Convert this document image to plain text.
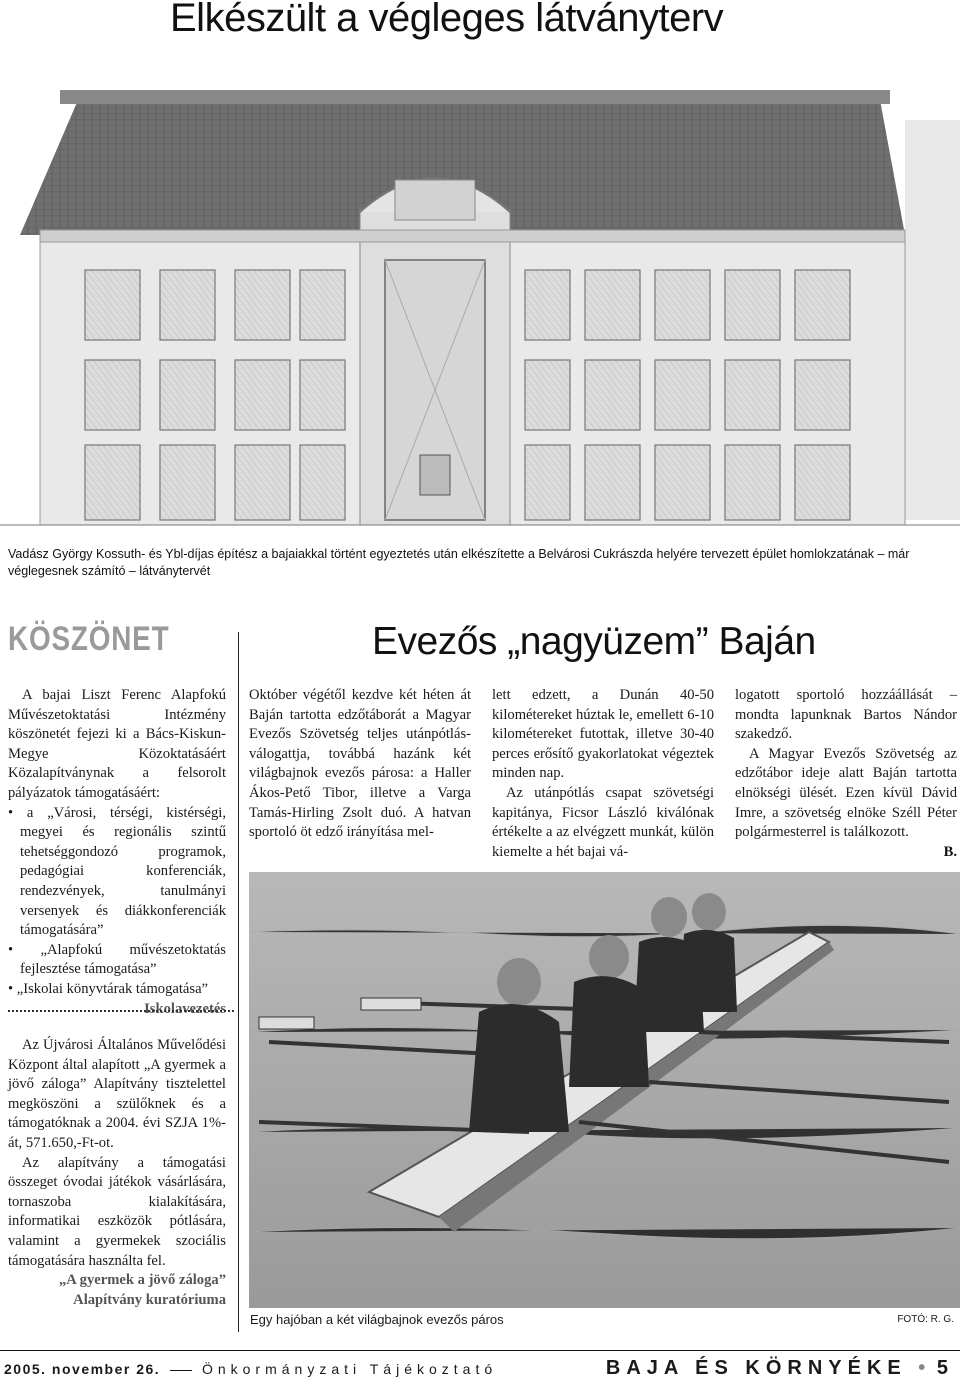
Elkészült a végleges látványterv
Vadász György Kossuth- és Ybl-díjas építész a bajaiakkal történt egyeztetés után elkészítette a Belvárosi Cukrászda helyére tervezett épület homlokzatának – már véglegesnek számító – látványtervét
KÖSZÖNET

A bajai Liszt Ferenc Alapfokú Művészetoktatási Intézmény köszönetét fejezi ki a Bács-Kiskun-Megye Közoktatásáért Közalapítványnak a felsorolt pályázatok támogatásáért:

• a „Városi, térségi, kistérségi, megyei és regionális szintű tehetséggondozó programok, pedagógiai konferenciák, rendezvények, tanulmányi versenyek és diákkonferenciák támogatására”
• „Alapfokú művészetoktatás fejlesztése támogatása”
• „Iskolai könyvtárak támogatása”

Iskolavezetés

Az Újvárosi Általános Művelődési Központ által alapított „A gyermek a jövő záloga” Alapítvány tisztelettel megköszöni a szülőknek és a támogatóknak a 2004. évi SZJA 1%-át, 571.650,-Ft-ot.

Az alapítvány a támogatási összeget óvodai játékok vásárlására, tornaszoba kialakítására, informatikai eszközök pótlására, valamint a gyermekek szociális támogatására használta fel.

„A gyermek a jövő záloga”

Alapítvány kuratóriuma

Evezős „nagyüzem” Baján

Október végétől kezdve két héten át Baján tartotta edzőtáborát a Magyar Evezős Szövetség teljes utánpótlás-válogattja, továbbá hazánk két világbajnok evezős párosa: a Haller Ákos-Pető Tibor, illetve a Varga Tamás-Hirling Zsolt duó. A hatvan sportoló öt edző irányítása mel-

lett edzett, a Dunán 40-50 kilométereket húztak le, emellett 6-10 kilométereket futottak, illetve 30-40 perces erősítő gyakorlatokat végeztek minden nap.

Az utánpótlás csapat szövetségi kapitánya, Ficsor László kiválónak értékelte a az elvégzett munkát, külön kiemelte a hét bajai vá-

logatott sportoló hozzáállását – mondta lapunknak Bartos Nándor szakedző.

A Magyar Evezős Szövetség az edzőtábor ideje alatt Baján tartotta elnökségi ülését. Ezen kívül Dávid Imre, a szövetség elnöke Széll Péter polgármesterrel is találkozott.

B.

Egy hajóban a két világbajnok evezős páros	FOTÓ: R. G.
2005. november 26.	Önkormányzati Tájékoztató	BAJA ÉS KÖRNYÉKE • 5
